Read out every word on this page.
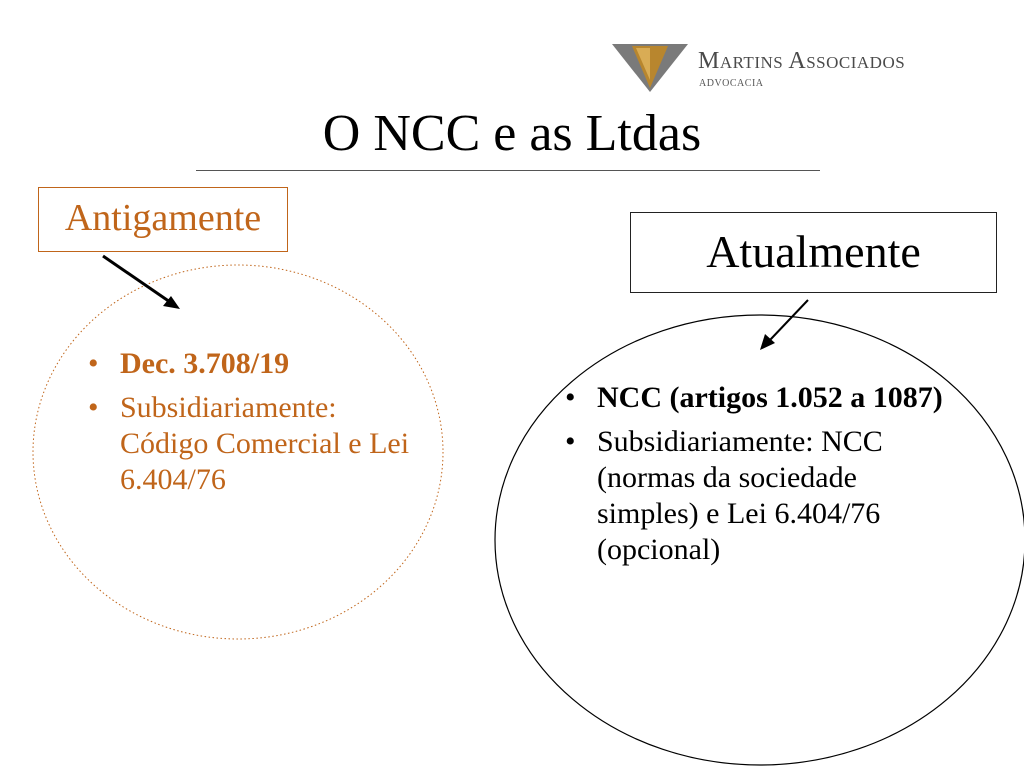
Martins Associados
ADVOCACIA
O NCC e as Ltdas
Antigamente
Atualmente
• Dec. 3.708/19
• Subsidiariamente: Código Comercial e Lei 6.404/76
• NCC (artigos 1.052 a 1087)
• Subsidiariamente: NCC (normas da sociedade simples) e Lei 6.404/76 (opcional)
